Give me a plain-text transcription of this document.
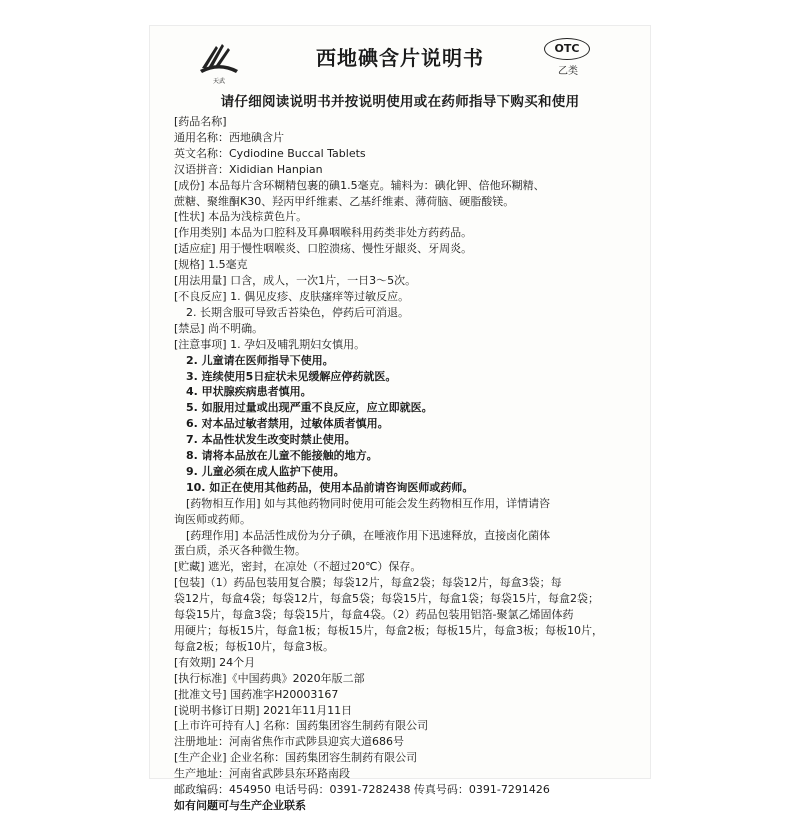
天武
西地碘含片说明书	OTC
乙类
请仔细阅读说明书并按说明使用或在药师指导下购买和使用

[药品名称]

通用名称：西地碘含片

英文名称：Cydiodine Buccal Tablets

汉语拼音：Xididian Hanpian

[成份] 本品每片含环糊精包裹的碘1.5毫克。辅料为：碘化钾、倍他环糊精、

蔗糖、聚维酮K30、羟丙甲纤维素、乙基纤维素、薄荷脑、硬脂酸镁。

[性状] 本品为浅棕黄色片。

[作用类别] 本品为口腔科及耳鼻咽喉科用药类非处方药药品。

[适应症] 用于慢性咽喉炎、口腔溃疡、慢性牙龈炎、牙周炎。

[规格] 1.5毫克

[用法用量] 口含，成人，一次1片，一日3～5次。

[不良反应] 1. 偶见皮疹、皮肤瘙痒等过敏反应。

2. 长期含服可导致舌苔染色，停药后可消退。

[禁忌] 尚不明确。

[注意事项] 1. 孕妇及哺乳期妇女慎用。

2. 儿童请在医师指导下使用。

3. 连续使用5日症状未见缓解应停药就医。

4. 甲状腺疾病患者慎用。

5. 如服用过量或出现严重不良反应，应立即就医。

6. 对本品过敏者禁用，过敏体质者慎用。

7. 本品性状发生改变时禁止使用。

8. 请将本品放在儿童不能接触的地方。

9. 儿童必须在成人监护下使用。

10. 如正在使用其他药品，使用本品前请咨询医师或药师。

[药物相互作用] 如与其他药物同时使用可能会发生药物相互作用，详情请咨

询医师或药师。

[药理作用] 本品活性成份为分子碘，在唾液作用下迅速释放，直接卤化菌体

蛋白质，杀灭各种微生物。

[贮藏] 遮光，密封，在凉处（不超过20℃）保存。

[包装]（1）药品包装用复合膜；每袋12片，每盒2袋；每袋12片，每盒3袋；每

袋12片，每盒4袋；每袋12片，每盒5袋；每袋15片，每盒1袋；每袋15片，每盒2袋；

每袋15片，每盒3袋；每袋15片，每盒4袋。（2）药品包装用铝箔-聚氯乙烯固体药

用硬片；每板15片，每盒1板；每板15片，每盒2板；每板15片，每盒3板；每板10片，

每盒2板；每板10片，每盒3板。

[有效期] 24个月

[执行标准]《中国药典》2020年版二部

[批准文号] 国药准字H20003167

[说明书修订日期] 2021年11月11日

[上市许可持有人] 名称：国药集团容生制药有限公司

注册地址：河南省焦作市武陟县迎宾大道686号

[生产企业] 企业名称：国药集团容生制药有限公司

生产地址：河南省武陟县东环路南段

邮政编码：454950 电话号码：0391-7282438 传真号码：0391-7291426

如有问题可与生产企业联系
